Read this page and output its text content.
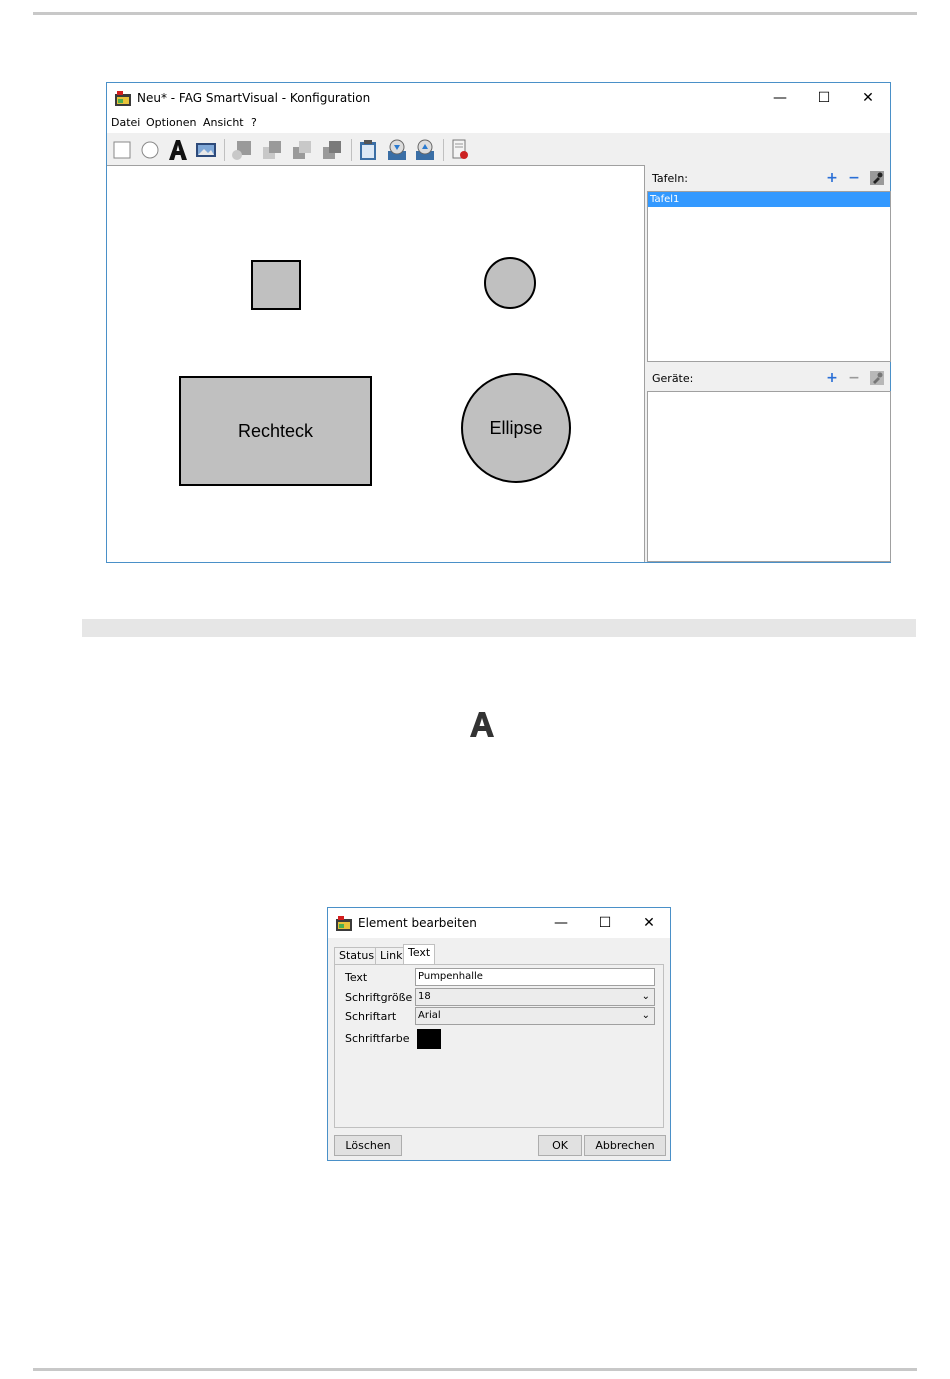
Neu* - FAG SmartVisual - Konfiguration	—	☐	✕
Datei Optionen Ansicht ?
Rechteck	Ellipse
Tafeln:	+ −
Tafel1
Geräte:	+ −
Element bearbeiten	—	☐	✕
Status Link Text
Text	Pumpenhalle
Schriftgröße 18	⌄
Schriftart	Arial	⌄
Schriftfarbe
Löschen	OK	Abbrechen
